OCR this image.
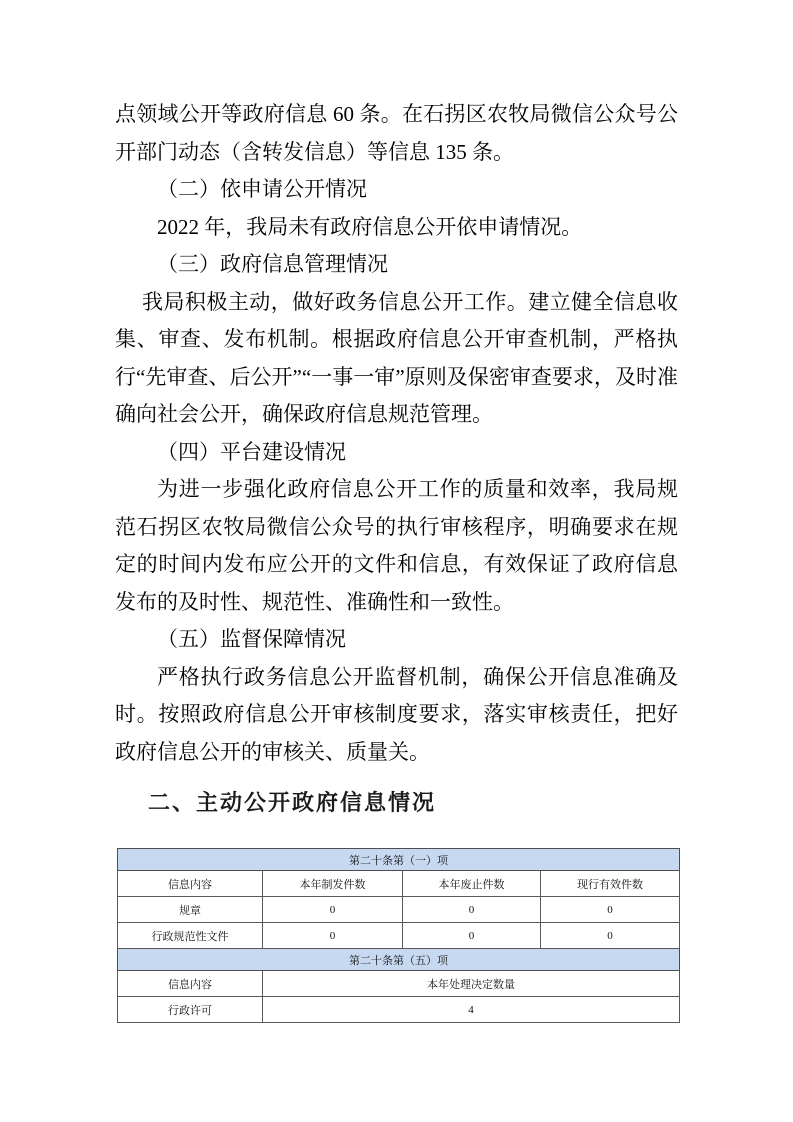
点领域公开等政府信息 60 条。在石拐区农牧局微信公众号公开部门动态（含转发信息）等信息 135 条。

（二）依申请公开情况

2022 年，我局未有政府信息公开依申请情况。

（三）政府信息管理情况

我局积极主动，做好政务信息公开工作。建立健全信息收集、审查、发布机制。根据政府信息公开审查机制，严格执行“先审查、后公开”“一事一审”原则及保密审查要求，及时准确向社会公开，确保政府信息规范管理。

（四）平台建设情况

为进一步强化政府信息公开工作的质量和效率，我局规范石拐区农牧局微信公众号的执行审核程序，明确要求在规定的时间内发布应公开的文件和信息，有效保证了政府信息发布的及时性、规范性、准确性和一致性。

（五）监督保障情况

严格执行政务信息公开监督机制，确保公开信息准确及时。按照政府信息公开审核制度要求，落实审核责任，把好政府信息公开的审核关、质量关。

二、主动公开政府信息情况
第二十条第（一）项			
信息内容	本年制发件数	本年废止件数	现行有效件数
规章	0	0	0
行政规范性文件	0	0	0
第二十条第（五）项			
信息内容	本年处理决定数量		
行政许可	4		
